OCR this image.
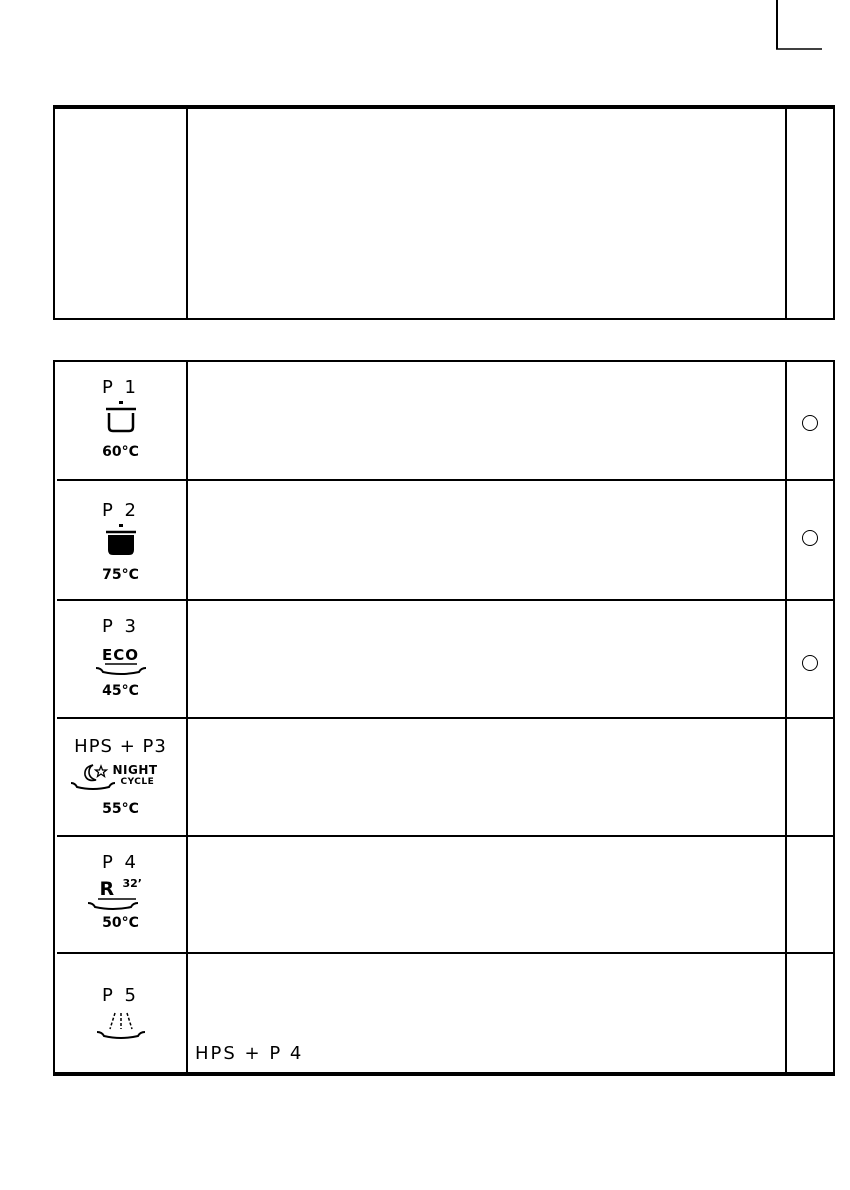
P 1
60°C
P 2
75°C
P 3
ECO
45°C
HPS + P3
NIGHT
CYCLE
55°C
P 4
R 32’
50°C
P 5
HPS + P 4
